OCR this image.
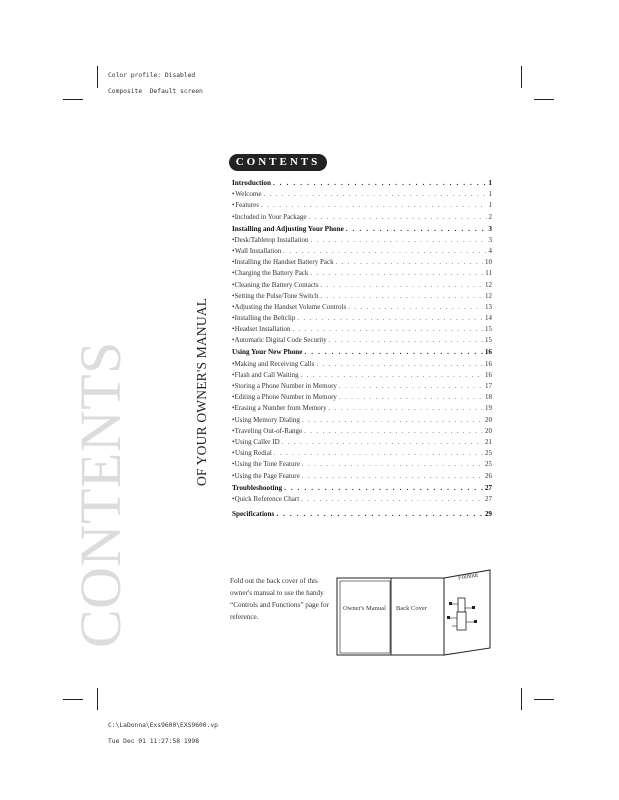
Color profile: Disabled

Composite  Default screen

C:\LaDonna\Exs9600\EXS9600.vp

Tue Dec 01 11:27:58 1998

CONTENTS	OF YOUR OWNER'S MANUAL
CONTENTS
Introduction . . .	1
• Welcome . . .	1
• Features . . .	1
• Included in Your Package . . .	2
Installing and Adjusting Your Phone . . .	3
• Desk/Tabletop Installation . . .	3
• Wall Installation . . .	4
• Installing the Handset Battery Pack . . .	10
• Charging the Battery Pack . . .	11
• Cleaning the Battery Contacts . . .	12
• Setting the Pulse/Tone Switch . . .	12
• Adjusting the Handset Volume Controls . . .	13
• Installing the Beltclip . . .	14
• Headset Installation . . .	15
• Automatic Digital Code Security . . .	15
Using Your New Phone . . .	16
• Making and Receiving Calls . . .	16
• Flash and Call Waiting . . .	16
• Storing a Phone Number in Memory . . .	17
• Editing a Phone Number in Memory . . .	18
• Erasing a Number from Memory . . .	19
• Using Memory Dialing . . .	20
• Traveling Out-of-Range . . .	20
• Using Caller ID . . .	21
• Using Redial . . .	25
• Using the Tone Feature . . .	25
• Using the Page Feature . . .	26
Troubleshooting . . .	27
• Quick Reference Chart . . .	27
Specifications . . .	29
Fold out the back cover of this owner's manual to use the handy “Controls and Functions” page for reference.
Owner's Manual Back Cover
Foldout
